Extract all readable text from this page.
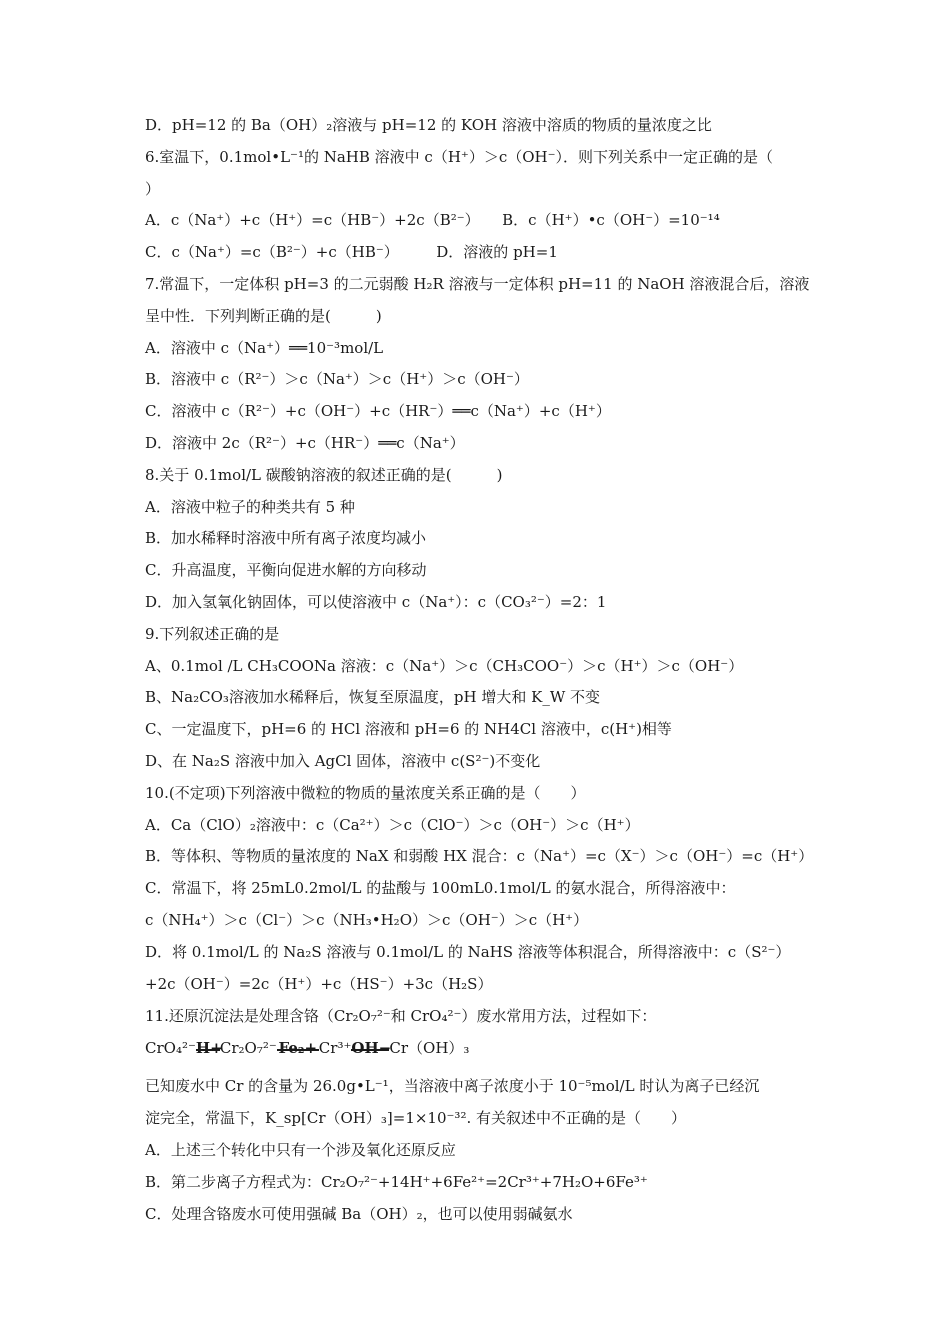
D．pH=12 的 Ba（OH）₂溶液与 pH=12 的 KOH 溶液中溶质的物质的量浓度之比
6.室温下，0.1mol•L⁻¹的 NaHB 溶液中 c（H⁺）＞c（OH⁻）．则下列关系中一定正确的是（
）
A．c（Na⁺）+c（H⁺）=c（HB⁻）+2c（B²⁻）　　B．c（H⁺）•c（OH⁻）=10⁻¹⁴
C．c（Na⁺）=c（B²⁻）+c（HB⁻）　　　D．溶液的 pH=1
7.常温下，一定体积 pH=3 的二元弱酸 H₂R 溶液与一定体积 pH=11 的 NaOH 溶液混合后，溶液
呈中性．下列判断正确的是(　　　)
A．溶液中 c（Na⁺）══10⁻³mol/L
B．溶液中 c（R²⁻）＞c（Na⁺）＞c（H⁺）＞c（OH⁻）
C．溶液中 c（R²⁻）+c（OH⁻）+c（HR⁻）══c（Na⁺）+c（H⁺）
D．溶液中 2c（R²⁻）+c（HR⁻）══c（Na⁺）
8.关于 0.1mol/L 碳酸钠溶液的叙述正确的是(　　　)
A．溶液中粒子的种类共有 5 种
B．加水稀释时溶液中所有离子浓度均减小
C．升高温度，平衡向促进水解的方向移动
D．加入氢氧化钠固体，可以使溶液中 c（Na⁺）：c（CO₃²⁻）=2：1
9.下列叙述正确的是
A、0.1mol /L CH₃COONa 溶液：c（Na⁺）＞c（CH₃COO⁻）＞c（H⁺）＞c（OH⁻）
B、Na₂CO₃溶液加水稀释后，恢复至原温度，pH 增大和 K_W 不变
C、一定温度下，pH=6 的 HCl 溶液和 pH=6 的 NH4Cl 溶液中，c(H⁺)相等
D、在 Na₂S 溶液中加入 AgCl 固体，溶液中 c(S²⁻)不变化
10.(不定项)下列溶液中微粒的物质的量浓度关系正确的是（　　）
A．Ca（ClO）₂溶液中：c（Ca²⁺）＞c（ClO⁻）＞c（OH⁻）＞c（H⁺）
B．等体积、等物质的量浓度的 NaX 和弱酸 HX 混合：c（Na⁺）=c（X⁻）＞c（OH⁻）=c（H⁺）
C．常温下，将 25mL0.2mol/L 的盐酸与 100mL0.1mol/L 的氨水混合，所得溶液中：
c（NH₄⁺）＞c（Cl⁻）＞c（NH₃•H₂O）＞c（OH⁻）＞c（H⁺）
D．将 0.1mol/L 的 Na₂S 溶液与 0.1mol/L 的 NaHS 溶液等体积混合，所得溶液中：c（S²⁻）
+2c（OH⁻）=2c（H⁺）+c（HS⁻）+3c（H₂S）
11.还原沉淀法是处理含铬（Cr₂O₇²⁻和 CrO₄²⁻）废水常用方法，过程如下：
CrO₄²⁻ H+
Cr₂O₇²⁻ Fe₂+ Cr³⁺ OH−
Cr（OH）₃
已知废水中 Cr 的含量为 26.0g•L⁻¹，当溶液中离子浓度小于 10⁻⁵mol/L 时认为离子已经沉
淀完全，常温下，K_sp[Cr（OH）₃]=1×10⁻³². 有关叙述中不正确的是（　　）
A．上述三个转化中只有一个涉及氧化还原反应
B．第二步离子方程式为：Cr₂O₇²⁻+14H⁺+6Fe²⁺=2Cr³⁺+7H₂O+6Fe³⁺
C．处理含铬废水可使用强碱 Ba（OH）₂，也可以使用弱碱氨水
